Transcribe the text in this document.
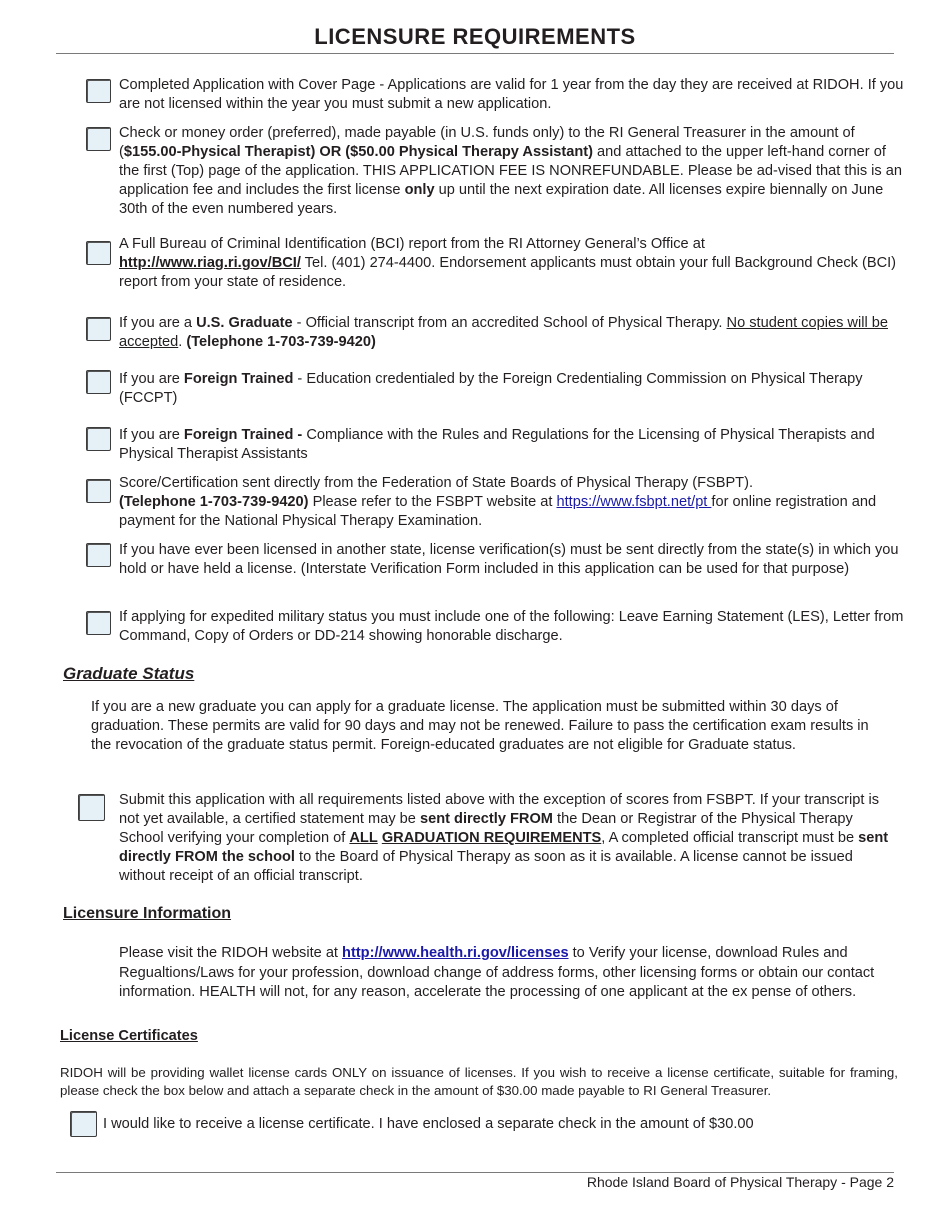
LICENSURE REQUIREMENTS
Completed Application with Cover Page - Applications are valid for 1 year from the day they are received at RIDOH. If you are not licensed within the year you must submit a new application.
Check or money order (preferred), made payable (in U.S. funds only) to the RI General Treasurer in the amount of ($155.00-Physical Therapist) OR ($50.00 Physical Therapy Assistant) and attached to the upper left-hand corner of the first (Top) page of the application. THIS APPLICATION FEE IS NONREFUNDABLE. Please be ad-vised that this is an application fee and includes the first license only up until the next expiration date. All licenses expire biennally on June 30th of the even numbered years.
A Full Bureau of Criminal Identification (BCI) report from the RI Attorney General’s Office at
http://www.riag.ri.gov/BCI/ Tel. (401) 274-4400. Endorsement applicants must obtain your full Background Check (BCI) report from your state of residence.
If you are a U.S. Graduate - Official transcript from an accredited School of Physical Therapy. No student copies will be accepted. (Telephone 1-703-739-9420)
If you are Foreign Trained - Education credentialed by the Foreign Credentialing Commission on Physical Therapy (FCCPT)
If you are Foreign Trained - Compliance with the Rules and Regulations for the Licensing of Physical Therapists and Physical Therapist Assistants
Score/Certification sent directly from the Federation of State Boards of Physical Therapy (FSBPT).
(Telephone 1-703-739-9420) Please refer to the FSBPT website at https://www.fsbpt.net/pt for online registration and payment for the National Physical Therapy Examination.
If you have ever been licensed in another state, license verification(s) must be sent directly from the state(s) in which you hold or have held a license. (Interstate Verification Form included in this application can be used for that purpose)
If applying for expedited military status you must include one of the following: Leave Earning Statement (LES), Letter from Command, Copy of Orders or DD-214 showing honorable discharge.
Graduate Status
If you are a new graduate you can apply for a graduate license. The application must be submitted within 30 days of graduation. These permits are valid for 90 days and may not be renewed. Failure to pass the certification exam results in the revocation of the graduate status permit. Foreign-educated graduates are not eligible for Graduate status.
Submit this application with all requirements listed above with the exception of scores from FSBPT. If your transcript is not yet available, a certified statement may be sent directly FROM the Dean or Registrar of the Physical Therapy School verifying your completion of ALL GRADUATION REQUIREMENTS, A completed official transcript must be sent directly FROM the school to the Board of Physical Therapy as soon as it is available. A license cannot be issued without receipt of an official transcript.
Licensure Information
Please visit the RIDOH website at http://www.health.ri.gov/licenses to Verify your license, download Rules and Regualtions/Laws for your profession, download change of address forms, other licensing forms or obtain our contact information. HEALTH will not, for any reason, accelerate the processing of one applicant at the ex pense of others.
License Certificates
RIDOH will be providing wallet license cards ONLY on issuance of licenses. If you wish to receive a license certificate, suitable for framing, please check the box below and attach a separate check in the amount of $30.00 made payable to RI General Treasurer.
I would like to receive a license certificate. I have enclosed a separate check in the amount of $30.00
Rhode Island Board of Physical Therapy - Page 2
